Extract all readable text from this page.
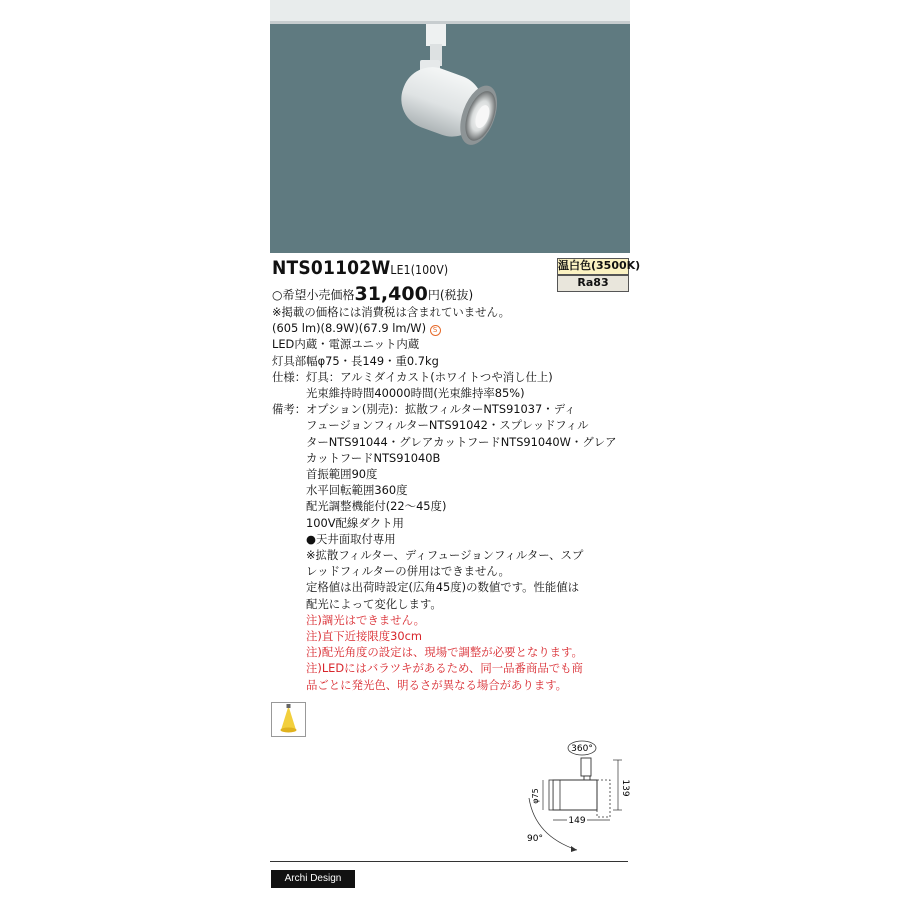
NTS01102WLE1(100V)	温白色(3500K)
Ra83
○希望小売価格31,400円(税抜)
※掲載の価格には消費税は含まれていません。
(605 lm)(8.9W)(67.9 lm/W) S
LED内蔵・電源ユニット内蔵
灯具部幅φ75・長149・重0.7kg
仕様： 灯具：アルミダイカスト(ホワイトつや消し仕上)
光束維持時間40000時間(光束維持率85%)
備考： オプション(別売)：拡散フィルターNTS91037・ディ
フュージョンフィルターNTS91042・スプレッドフィル
ターNTS91044・グレアカットフードNTS91040W・グレア
カットフードNTS91040B
首振範囲90度
水平回転範囲360度
配光調整機能付(22～45度)
100V配線ダクト用
●天井面取付専用
※拡散フィルター、ディフュージョンフィルター、スプ
レッドフィルターの併用はできません。
定格値は出荷時設定(広角45度)の数値です。性能値は
配光によって変化します。
注)調光はできません。
注)直下近接限度30cm
注)配光角度の設定は、現場で調整が必要となります。
注)LEDにはバラツキがあるため、同一品番商品でも商
品ごとに発光色、明るさが異なる場合があります。
360°
139
φ75
149
90°
Archi Design
